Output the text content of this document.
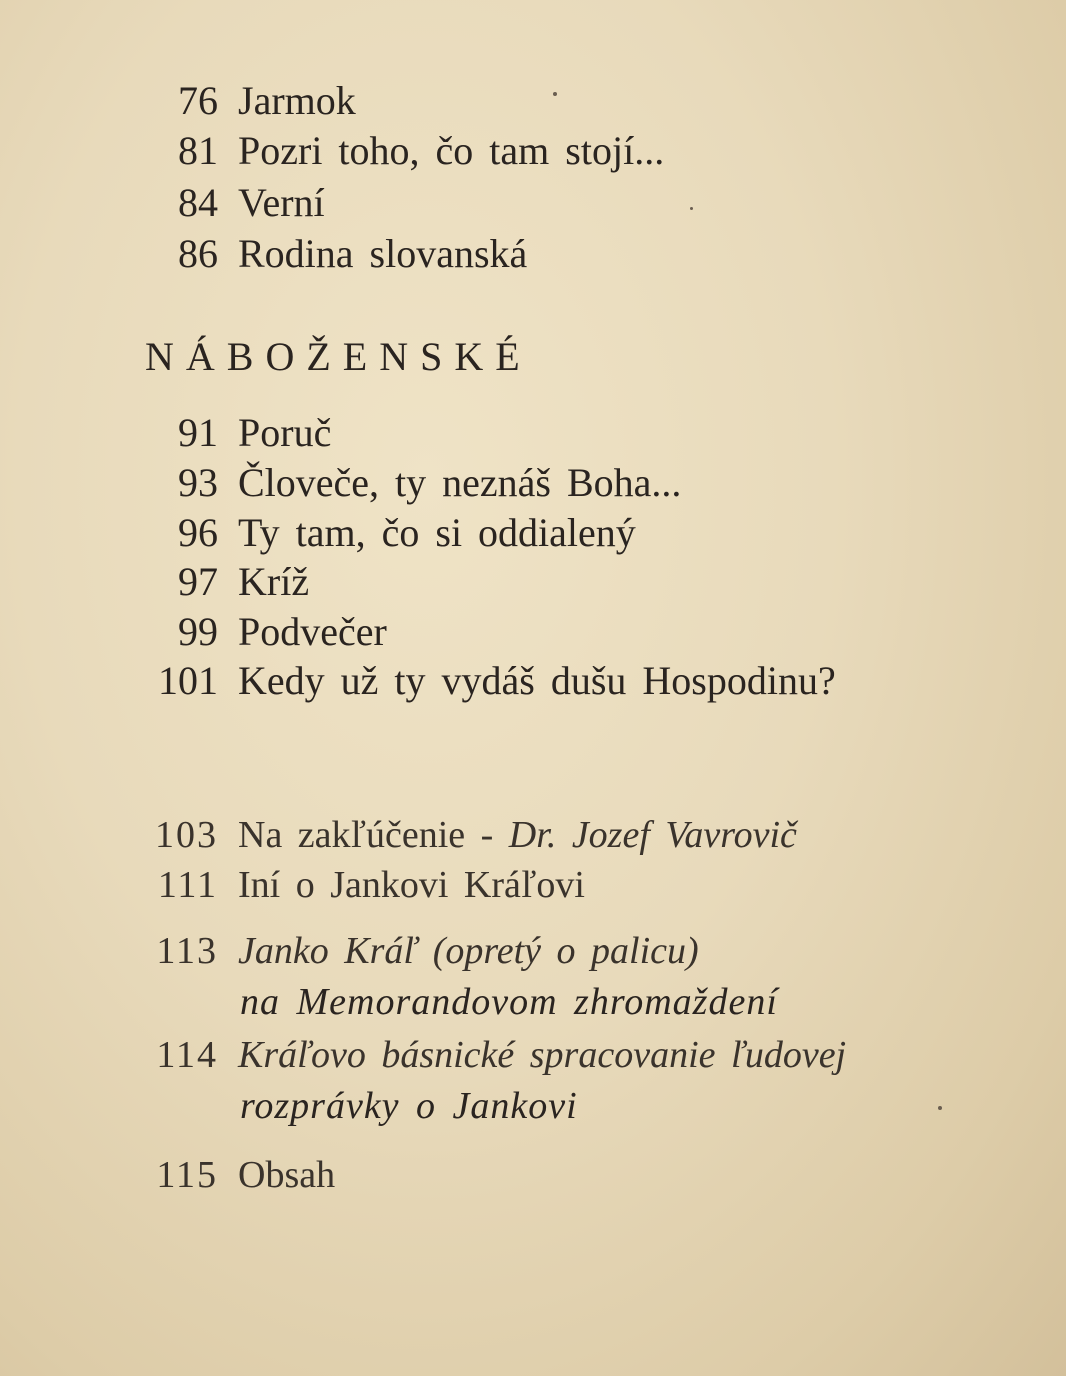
76 Jarmok
81 Pozri toho, čo tam stojí...
84 Verní
86 Rodina slovanská
NÁBOŽENSKÉ
91 Poruč
93 Človeče, ty neznáš Boha...
96 Ty tam, čo si oddialený
97 Kríž
99 Podvečer
101 Kedy už ty vydáš dušu Hospodinu?
103 Na zakľúčenie - Dr. Jozef Vavrovič
111 Iní o Jankovi Kráľovi
113 Janko Kráľ (opretý o palicu)
na Memorandovom zhromaždení
114 Kráľovo básnické spracovanie ľudovej
rozprávky o Jankovi
115 Obsah
